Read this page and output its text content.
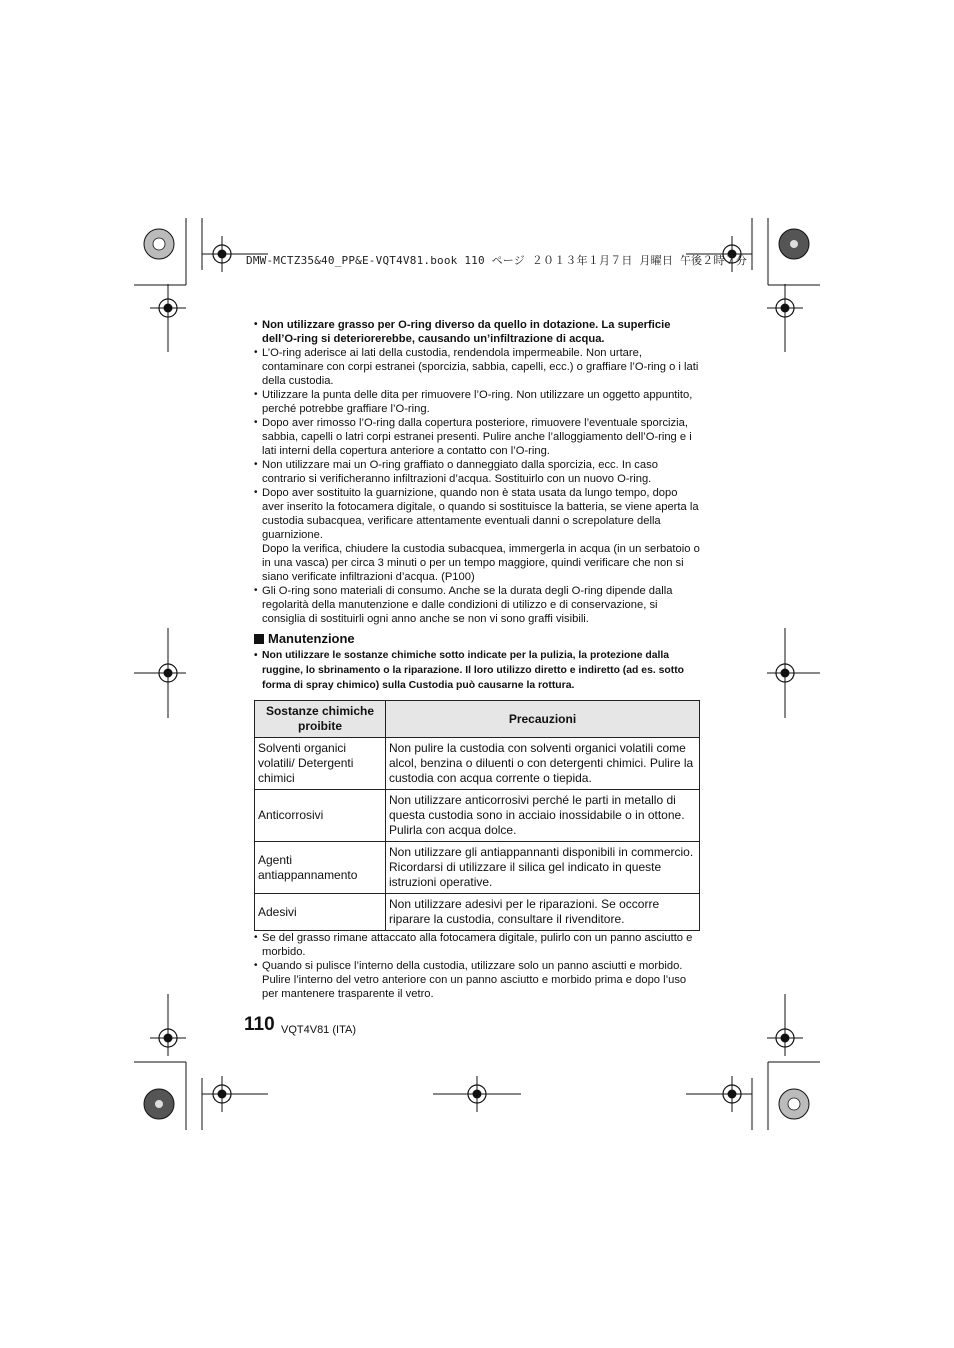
DMW-MCTZ35&40_PP&E-VQT4V81.book 110 ページ ２０１３年１月７日 月曜日 午後２時７分
• Non utilizzare grasso per O-ring diverso da quello in dotazione. La superficie dell’O-ring si deteriorerebbe, causando un’infiltrazione di acqua.
• L’O-ring aderisce ai lati della custodia, rendendola impermeabile. Non urtare, contaminare con corpi estranei (sporcizia, sabbia, capelli, ecc.) o graffiare l’O-ring o i lati della custodia.
• Utilizzare la punta delle dita per rimuovere l’O-ring. Non utilizzare un oggetto appuntito, perché potrebbe graffiare l’O-ring.
• Dopo aver rimosso l’O-ring dalla copertura posteriore, rimuovere l’eventuale sporcizia, sabbia, capelli o latri corpi estranei presenti. Pulire anche l’alloggiamento dell’O-ring e i lati interni della copertura anteriore a contatto con l’O-ring.
• Non utilizzare mai un O-ring graffiato o danneggiato dalla sporcizia, ecc. In caso contrario si verificheranno infiltrazioni d’acqua. Sostituirlo con un nuovo O-ring.
• Dopo aver sostituito la guarnizione, quando non è stata usata da lungo tempo, dopo aver inserito la fotocamera digitale, o quando si sostituisce la batteria, se viene aperta la custodia subacquea, verificare attentamente eventuali danni o screpolature della guarnizione.
Dopo la verifica, chiudere la custodia subacquea, immergerla in acqua (in un serbatoio o in una vasca) per circa 3 minuti o per un tempo maggiore, quindi verificare che non si siano verificate infiltrazioni d’acqua. (P100)
• Gli O-ring sono materiali di consumo. Anche se la durata degli O-ring dipende dalla regolarità della manutenzione e dalle condizioni di utilizzo e di conservazione, si consiglia di sostituirli ogni anno anche se non vi sono graffi visibili.
Manutenzione
• Non utilizzare le sostanze chimiche sotto indicate per la pulizia, la protezione dalla ruggine, lo sbrinamento o la riparazione. Il loro utilizzo diretto e indiretto (ad es. sotto forma di spray chimico) sulla Custodia può causarne la rottura.
Sostanze chimiche proibite	Precauzioni
Solventi organici volatili/ Detergenti chimici	Non pulire la custodia con solventi organici volatili come alcol, benzina o diluenti o con detergenti chimici. Pulire la custodia con acqua corrente o tiepida.
Anticorrosivi	Non utilizzare anticorrosivi perché le parti in metallo di questa custodia sono in acciaio inossidabile o in ottone. Pulirla con acqua dolce.
Agenti antiappannamento	Non utilizzare gli antiappannanti disponibili in commercio. Ricordarsi di utilizzare il silica gel indicato in queste istruzioni operative.
Adesivi	Non utilizzare adesivi per le riparazioni. Se occorre riparare la custodia, consultare il rivenditore.
• Se del grasso rimane attaccato alla fotocamera digitale, pulirlo con un panno asciutto e morbido.
• Quando si pulisce l’interno della custodia, utilizzare solo un panno asciutti e morbido. Pulire l’interno del vetro anteriore con un panno asciutto e morbido prima e dopo l’uso per mantenere trasparente il vetro.
110 VQT4V81 (ITA)
